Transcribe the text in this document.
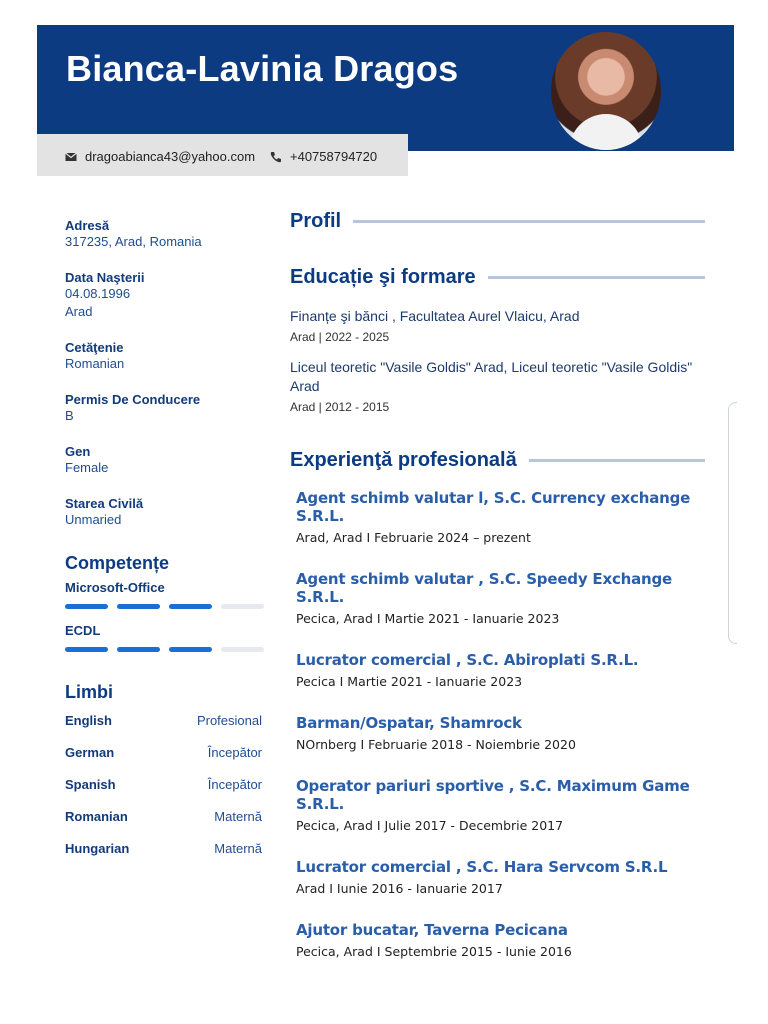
Bianca-Lavinia Dragos
dragoabianca43@yahoo.com	+40758794720
Adresă
317235, Arad, Romania
Data Naşterii
04.08.1996
Arad
Cetăţenie
Romanian
Permis De Conducere
B
Gen
Female
Starea Civilă
Unmaried
Competențe
Microsoft-Office
ECDL
Limbi
English	Profesional
German	Începător
Spanish	Începător
Romanian	Maternă
Hungarian	Maternă
Profil
Educație şi formare
Finanțe şi bănci , Facultatea Aurel Vlaicu, Arad
Arad | 2022 - 2025
Liceul teoretic "Vasile Goldis" Arad, Liceul teoretic "Vasile Goldis" Arad
Arad | 2012 - 2015
Experienţă profesională
Agent schimb valutar l, S.C. Currency exchange S.R.L.
Arad, Arad I Februarie 2024 – prezent
Agent schimb valutar , S.C. Speedy Exchange S.R.L.
Pecica, Arad I Martie 2021 - Ianuarie 2023
Lucrator comercial , S.C. Abiroplati S.R.L.
Pecica I Martie 2021 - Ianuarie 2023
Barman/Ospatar, Shamrock
NOrnberg I Februarie 2018 - Noiembrie 2020
Operator pariuri sportive , S.C. Maximum Game S.R.L.
Pecica, Arad I Julie 2017 - Decembrie 2017
Lucrator comercial , S.C. Hara Servcom S.R.L
Arad I Iunie 2016 - Ianuarie 2017
Ajutor bucatar, Taverna Pecicana
Pecica, Arad I Septembrie 2015 - Iunie 2016
